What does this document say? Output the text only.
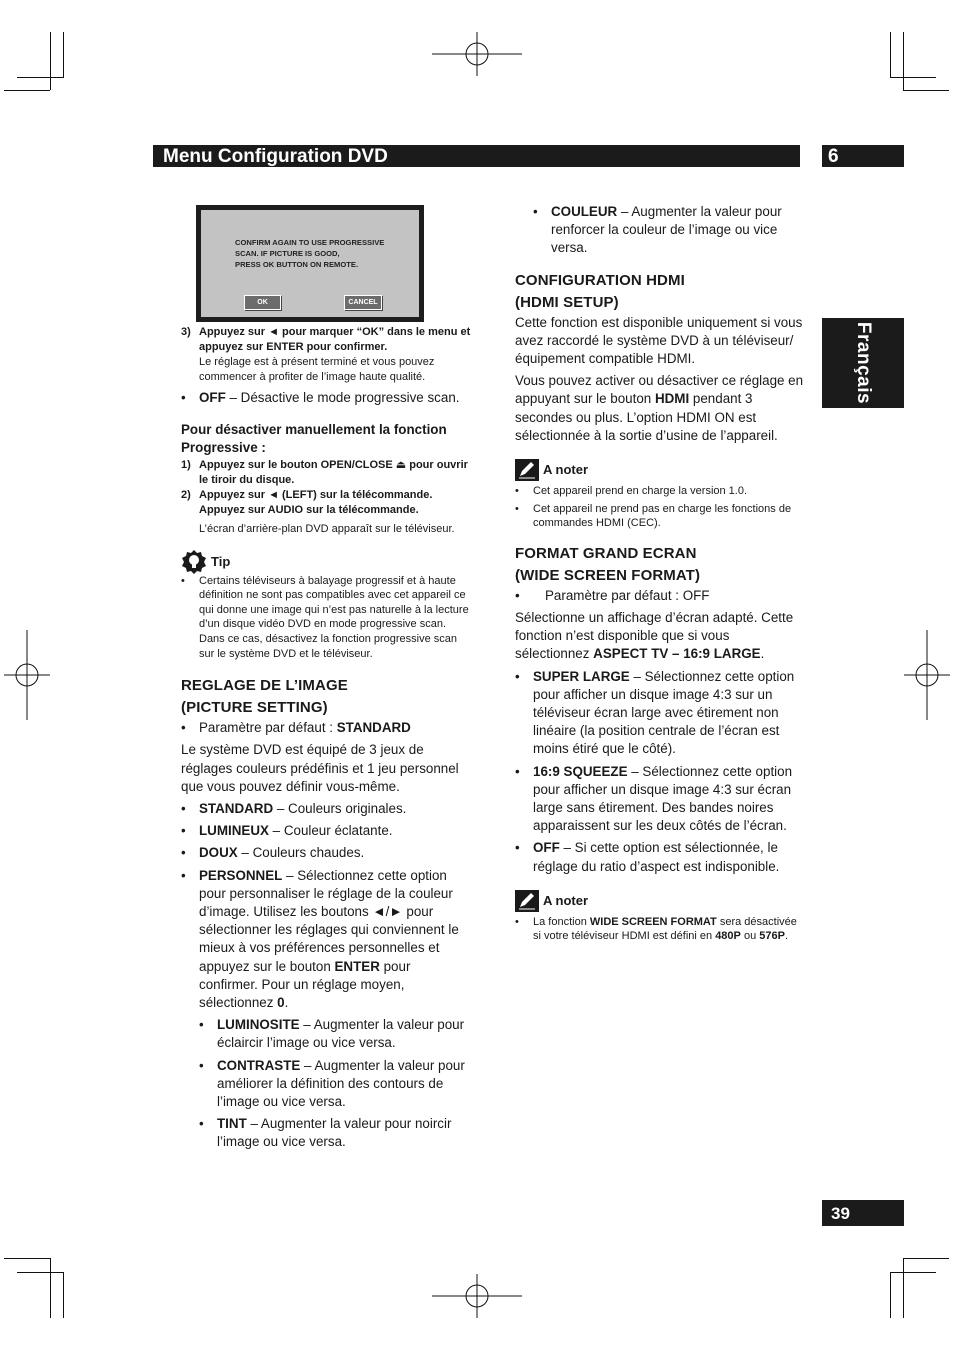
Menu Configuration DVD	6
Français
39
CONFIRM AGAIN TO USE PROGRESSIVE
SCAN. IF PICTURE IS GOOD,
PRESS OK BUTTON ON REMOTE.
OK	CANCEL
3) Appuyez sur ◄ pour marquer “OK” dans le menu et appuyez sur ENTER pour confirmer.
Le réglage est à présent terminé et vous pouvez commencer à profiter de l’image haute qualité.

• OFF – Désactive le mode progressive scan.

Pour désactiver manuellement la fonction Progressive :

1) Appuyez sur le bouton OPEN/CLOSE ⏏ pour ouvrir le tiroir du disque.
2) Appuyez sur ◄ (LEFT) sur la télécommande. Appuyez sur AUDIO sur la télécommande.
L’écran d’arrière-plan DVD apparaît sur le téléviseur.
Tip

• Certains téléviseurs à balayage progressif et à haute définition ne sont pas compatibles avec cet appareil ce qui donne une image qui n’est pas naturelle à la lecture d’un disque vidéo DVD en mode progressive scan. Dans ce cas, désactivez la fonction progressive scan sur le système DVD et le téléviseur.

REGLAGE DE L’IMAGE
(PICTURE SETTING)

• Paramètre par défaut : STANDARD

Le système DVD est équipé de 3 jeux de réglages couleurs prédéfinis et 1 jeu personnel que vous pouvez définir vous-même.

• STANDARD – Couleurs originales.

• LUMINEUX – Couleur éclatante.

• DOUX – Couleurs chaudes.

• PERSONNEL – Sélectionnez cette option pour personnaliser le réglage de la couleur d’image. Utilisez les boutons ◄/► pour sélectionner les réglages qui conviennent le mieux à vos préférences personnelles et appuyez sur le bouton ENTER pour confirmer. Pour un réglage moyen, sélectionnez 0.

• LUMINOSITE – Augmenter la valeur pour éclaircir l’image ou vice versa.

• CONTRASTE – Augmenter la valeur pour améliorer la définition des contours de l’image ou vice versa.

• TINT – Augmenter la valeur pour noircir l’image ou vice versa.

• COULEUR – Augmenter la valeur pour renforcer la couleur de l’image ou vice versa.

CONFIGURATION HDMI
(HDMI SETUP)

Cette fonction est disponible uniquement si vous avez raccordé le système DVD à un téléviseur/équipement compatible HDMI.

Vous pouvez activer ou désactiver ce réglage en appuyant sur le bouton HDMI pendant 3 secondes ou plus. L’option HDMI ON est sélectionnée à la sortie d’usine de l’appareil.

A noter

• Cet appareil prend en charge la version 1.0.

• Cet appareil ne prend pas en charge les fonctions de commandes HDMI (CEC).

FORMAT GRAND ECRAN
(WIDE SCREEN FORMAT)

• Paramètre par défaut : OFF

Sélectionne un affichage d’écran adapté. Cette fonction n’est disponible que si vous sélectionnez ASPECT TV – 16:9 LARGE.

• SUPER LARGE – Sélectionnez cette option pour afficher un disque image 4:3 sur un téléviseur écran large avec étirement non linéaire (la position centrale de l’écran est moins étiré que le côté).

• 16:9 SQUEEZE – Sélectionnez cette option pour afficher un disque image 4:3 sur écran large sans étirement. Des bandes noires apparaissent sur les deux côtés de l’écran.

• OFF – Si cette option est sélectionnée, le réglage du ratio d’aspect est indisponible.

A noter

• La fonction WIDE SCREEN FORMAT sera désactivée si votre téléviseur HDMI est défini en 480P ou 576P.
